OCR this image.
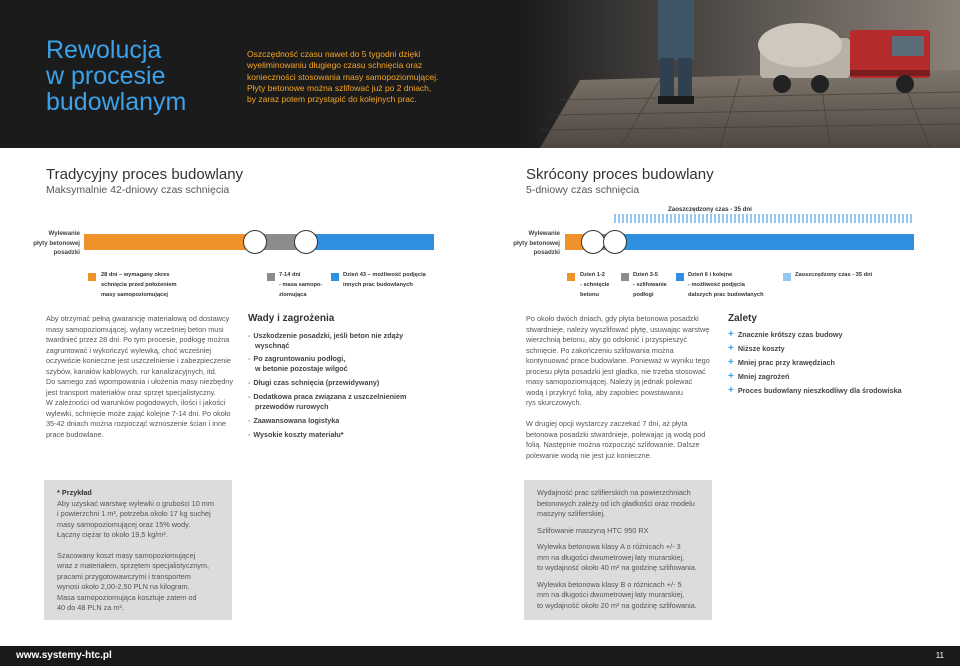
Rewolucja
w procesie
budowlanym
Oszczędność czasu nawet do 5 tygodni dzięki
wyeliminowaniu długiego czasu schnięcia oraz
konieczności stosowania masy samopoziomującej.
Płyty betonowe można szlifować już po 2 dniach,
by zaraz potem przystąpić do kolejnych prac.
Tradycyjny proces budowlany
Maksymalnie 42-dniowy czas schnięcia
Skrócony proces budowlany
5-dniowy czas schnięcia
Wylewanie
płyty betonowej
posadzki
Zaoszczędzony czas - 35 dni
Wylewanie
płyty betonowej
posadzki
28 dni – wymagany okres
schnięcia przed położeniem
masy samopoziomującej
7-14 dni
- masa samopo-
ziomująca
Dzień 43 – możliwość podjęcia
innych prac budowlanych
Dzień 1-2
- schnięcie
betonu
Dzień 3-5
- szlifowanie
podłogi
Dzień 6 i kolejne
- możliwość podjęcia
dalszych prac budowlanych
Zaoszczędzony czas - 35 dni
Aby otrzymać pełną gwarancję materiałową od dostawcy
masy samopoziomującej, wylany wcześniej beton musi
twardnieć przez 28 dni. Po tym procesie, podłogę można
zagruntować i wykończyć wylewką, choć wcześniej
oczywiście konieczne jest uszczelnienie i zabezpieczenie
szybów, kanałów kablowych, rur kanalizacyjnych, itd.
Do samego zaś wpompowania i ułożenia masy niezbędny
jest transport materiałów oraz sprzęt specjalistyczny.
W zależności od warunków pogodowych, ilości i jakości
wylewki, schnięcie może zająć kolejne 7-14 dni. Po około
35-42 dniach można rozpocząć wznoszenie ścian i inne
prace budowlane.
Wady i zagrożenia
- Uszkodzenie posadzki, jeśli beton nie zdąży
wyschnąć
- Po zagruntowaniu podłogi,
w betonie pozostaje wilgoć
- Długi czas schnięcia (przewidywany)
- Dodatkowa praca związana z uszczelnieniem
przewodów rurowych
- Zaawansowana logistyka
- Wysokie koszty materiału*
Po około dwóch dniach, gdy płyta betonowa posadzki
stwardnieje, należy wyszlifować płytę, usuwając warstwę
wierzchnią betonu, aby go odsłonić i przyspieszyć
schnięcie. Po zakończeniu szlifowania można
kontynuować prace budowlane. Ponieważ w wyniku tego
procesu płyta posadzki jest gładka, nie trzeba stosować
masy samopoziomującej. Należy ją jednak polewać
wodą i przykryć folią, aby zapobiec powstawaniu
rys skurczowych.
W drugiej opcji wystarczy zaczekać 7 dni, aż płyta
betonowa posadzki stwardnieje, polewając ją wodą pod
folią. Następnie można rozpocząć szlifowanie. Dalsze
polewanie wodą nie jest już konieczne.
Zalety
+ Znacznie krótszy czas budowy
+ Niższe koszty
+ Mniej prac przy krawędziach
+ Mniej zagrożeń
+ Proces budowlany nieszkodliwy dla środowiska
* Przykład
Aby uzyskać warstwę wylewki o grubości 10 mm
i powierzchni 1 m², potrzeba około 17 kg suchej
masy samopoziomującej oraz 15% wody.
Łączny ciężar to około 19,5 kg/m².
Szacowany koszt masy samopoziomującej
wraz z materiałem, sprzętem specjalistycznym,
pracami przygotowawczymi i transportem
wynosi około 2,00-2,50 PLN na kilogram.
Masa samopoziomująca kosztuje zatem od
40 do 48 PLN za m².
Wydajność prac szlifierskich na powierzchniach
betonowych zależy od ich gładkości oraz modelu
maszyny szlifierskiej.
Szlifowanie maszyną HTC 950 RX
Wylewka betonowa klasy A o różnicach +/- 3
mm na długości dwumetrowej łaty murarskiej,
to wydajność około 40 m² na godzinę szlifowania.
Wylewka betonowa klasy B o różnicach +/- 5
mm na długości dwumetrowej łaty murarskiej,
to wydajność około 20 m² na godzinę szlifowania.
www.systemy-htc.pl	11
